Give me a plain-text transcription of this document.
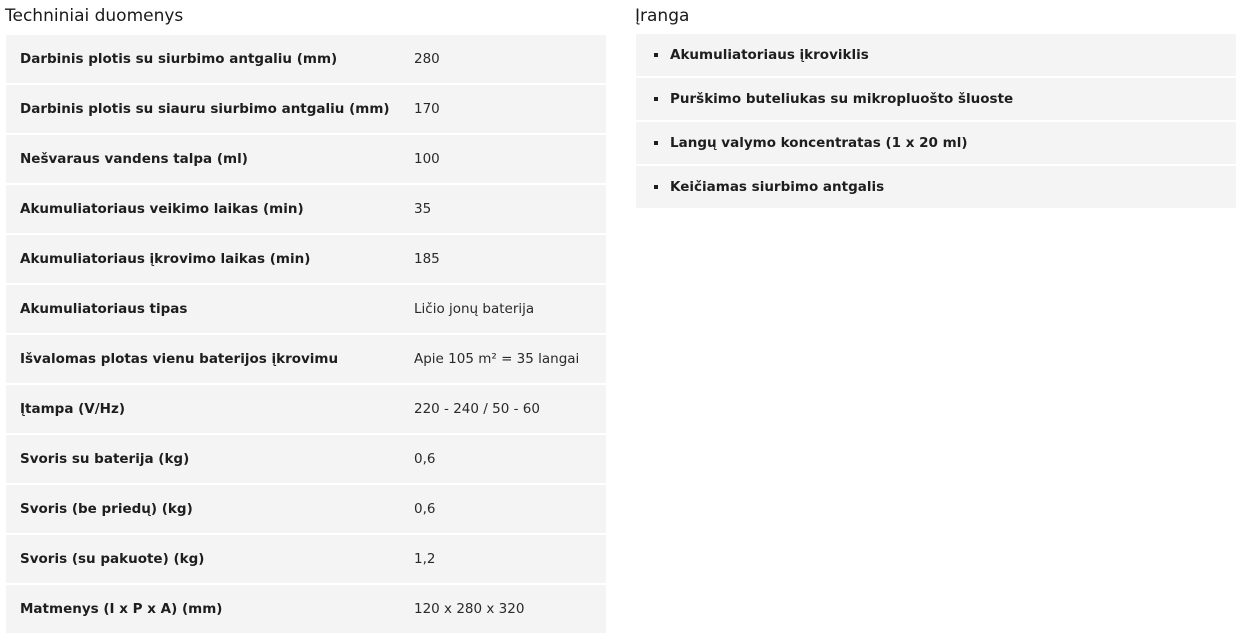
Techniniai duomenys
Darbinis plotis su siurbimo antgaliu (mm)	280
Darbinis plotis su siauru siurbimo antgaliu (mm)	170
Nešvaraus vandens talpa (ml)	100
Akumuliatoriaus veikimo laikas (min)	35
Akumuliatoriaus įkrovimo laikas (min)	185
Akumuliatoriaus tipas	Ličio jonų baterija
Išvalomas plotas vienu baterijos įkrovimu	Apie 105 m² = 35 langai
Įtampa (V/Hz)	220 - 240 / 50 - 60
Svoris su baterija (kg)	0,6
Svoris (be priedų) (kg)	0,6
Svoris (su pakuote) (kg)	1,2
Matmenys (I x P x A) (mm)	120 x 280 x 320
Įranga
Akumuliatoriaus įkroviklis
Purškimo buteliukas su mikropluošto šluoste
Langų valymo koncentratas (1 x 20 ml)
Keičiamas siurbimo antgalis
